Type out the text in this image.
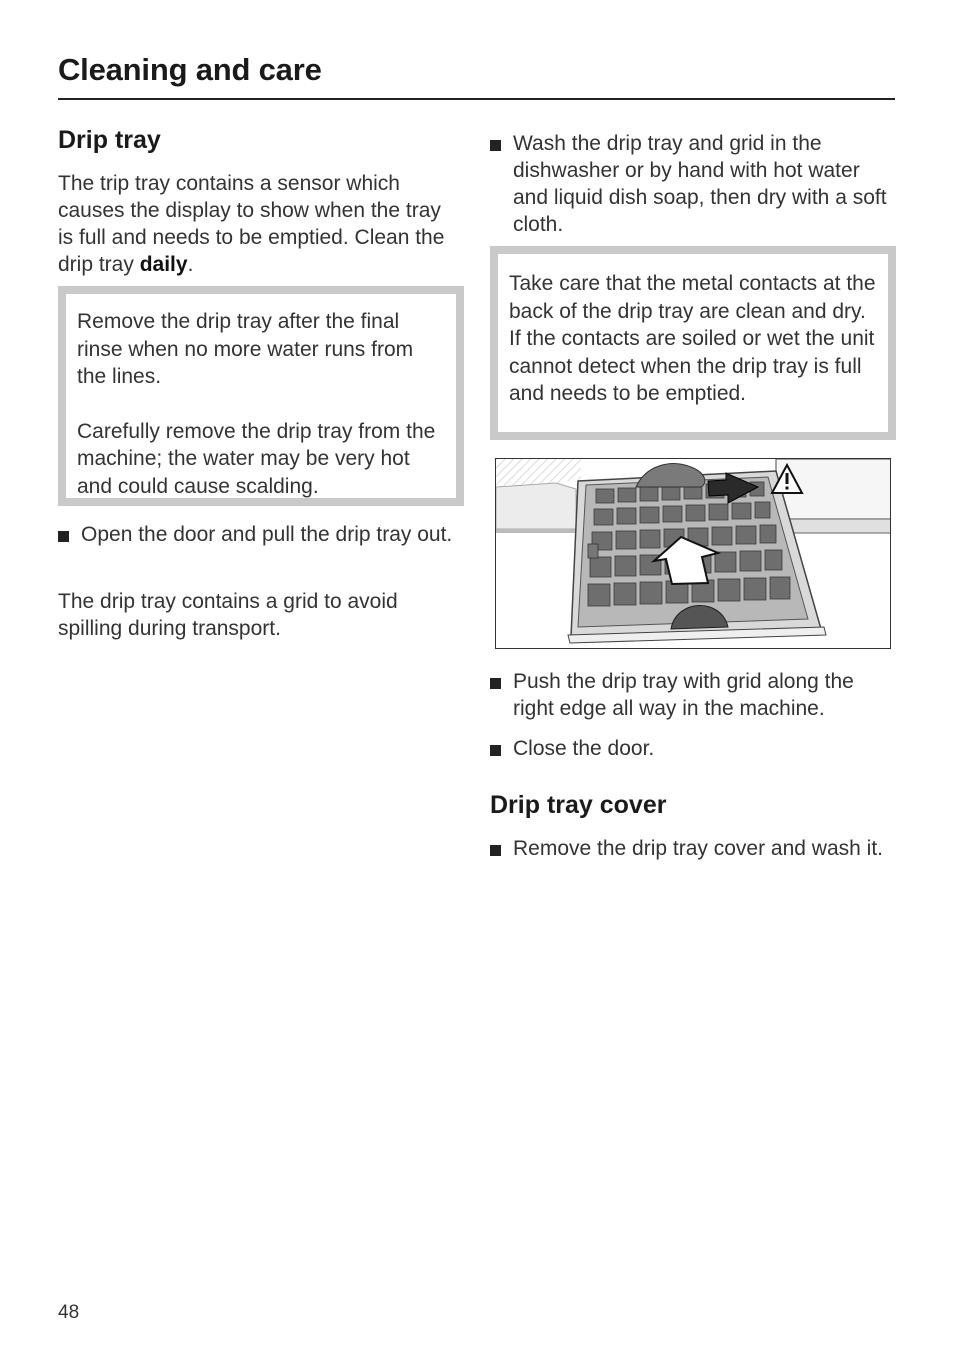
Cleaning and care
Drip tray
The trip tray contains a sensor which causes the display to show when the tray is full and needs to be emptied. Clean the drip tray daily.

Remove the drip tray after the final rinse when no more water runs from the lines.

Carefully remove the drip tray from the machine; the water may be very hot and could cause scalding.

Open the door and pull the drip tray out.
The drip tray contains a grid to avoid spilling during transport.
Wash the drip tray and grid in the dishwasher or by hand with hot water and liquid dish soap, then dry with a soft cloth.

Take care that the metal contacts at the back of the drip tray are clean and dry. If the contacts are soiled or wet the unit cannot detect when the drip tray is full and needs to be emptied.

Push the drip tray with grid along the right edge all way in the machine.
Close the door.
Drip tray cover
Remove the drip tray cover and wash it.
48
